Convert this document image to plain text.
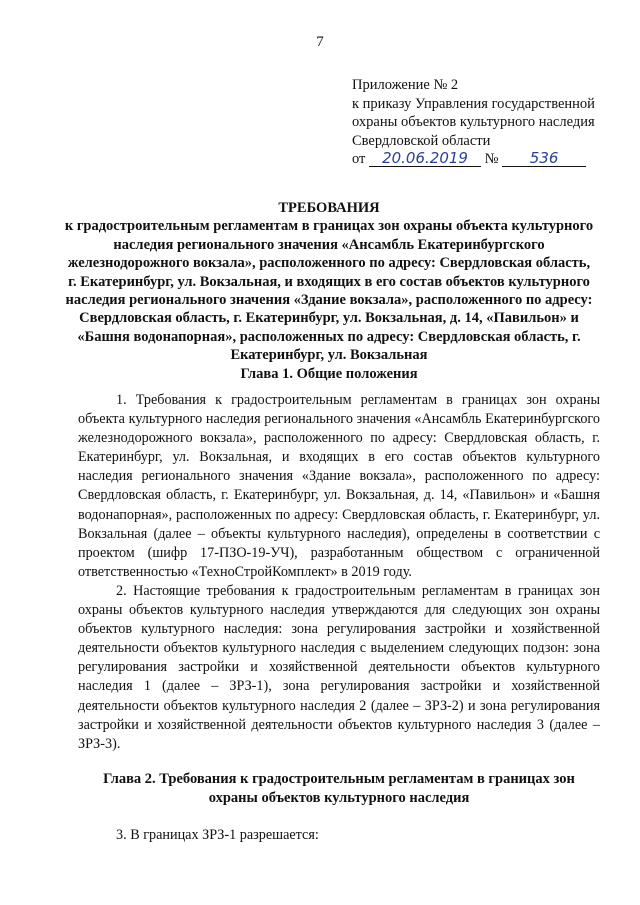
7
Приложение № 2
к приказу Управления государственной
охраны объектов культурного наследия
Свердловской области
от 20.06.2019 № 536
ТРЕБОВАНИЯ
к градостроительным регламентам в границах зон охраны объекта культурного наследия регионального значения «Ансамбль Екатеринбургского железнодорожного вокзала», расположенного по адресу: Свердловская область, г. Екатеринбург, ул. Вокзальная, и входящих в его состав объектов культурного наследия регионального значения «Здание вокзала», расположенного по адресу: Свердловская область, г. Екатеринбург, ул. Вокзальная, д. 14, «Павильон» и «Башня водонапорная», расположенных по адресу: Свердловская область, г. Екатеринбург, ул. Вокзальная
Глава 1. Общие положения

1. Требования к градостроительным регламентам в границах зон охраны объекта культурного наследия регионального значения «Ансамбль Екатеринбургского железнодорожного вокзала», расположенного по адресу: Свердловская область, г. Екатеринбург, ул. Вокзальная, и входящих в его состав объектов культурного наследия регионального значения «Здание вокзала», расположенного по адресу: Свердловская область, г. Екатеринбург, ул. Вокзальная, д. 14, «Павильон» и «Башня водонапорная», расположенных по адресу: Свердловская область, г. Екатеринбург, ул. Вокзальная (далее – объекты культурного наследия), определены в соответствии с проектом (шифр 17-ПЗО-19-УЧ), разработанным обществом с ограниченной ответственностью «ТехноСтройКомплект» в 2019 году.

2. Настоящие требования к градостроительным регламентам в границах зон охраны объектов культурного наследия утверждаются для следующих зон охраны объектов культурного наследия: зона регулирования застройки и хозяйственной деятельности объектов культурного наследия с выделением следующих подзон: зона регулирования застройки и хозяйственной деятельности объектов культурного наследия 1 (далее – ЗРЗ-1), зона регулирования застройки и хозяйственной деятельности объектов культурного наследия 2 (далее – ЗРЗ-2) и зона регулирования застройки и хозяйственной деятельности объектов культурного наследия 3 (далее – ЗРЗ-3).

Глава 2. Требования к градостроительным регламентам в границах зон
охраны объектов культурного наследия
3. В границах ЗРЗ-1 разрешается:
